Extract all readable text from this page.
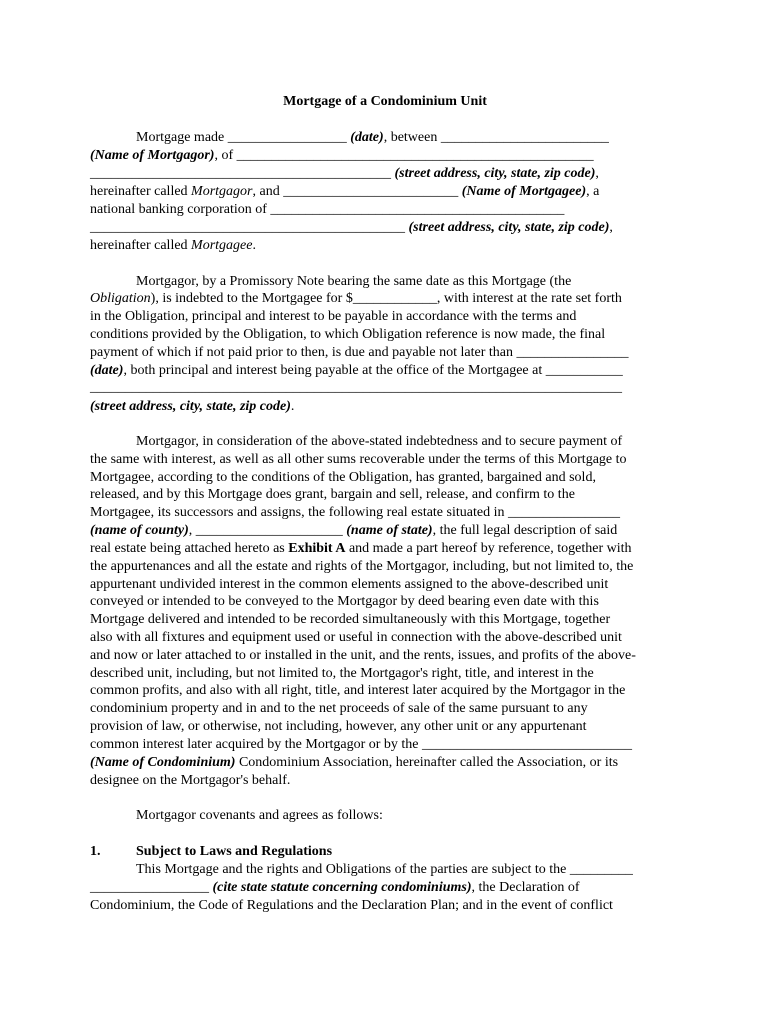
Mortgage of a Condominium Unit
Mortgage made _________________ (date), between ________________________
(Name of Mortgagor), of ___________________________________________________
___________________________________________ (street address, city, state, zip code),
hereinafter called Mortgagor, and _________________________ (Name of Mortgagee), a
national banking corporation of __________________________________________
_____________________________________________ (street address, city, state, zip code),
hereinafter called Mortgagee.
Mortgagor, by a Promissory Note bearing the same date as this Mortgage (the
Obligation), is indebted to the Mortgagee for $____________, with interest at the rate set forth
in the Obligation, principal and interest to be payable in accordance with the terms and
conditions provided by the Obligation, to which Obligation reference is now made, the final
payment of which if not paid prior to then, is due and payable not later than ________________
(date), both principal and interest being payable at the office of the Mortgagee at ___________
____________________________________________________________________________
(street address, city, state, zip code).
Mortgagor, in consideration of the above-stated indebtedness and to secure payment of
the same with interest, as well as all other sums recoverable under the terms of this Mortgage to
Mortgagee, according to the conditions of the Obligation, has granted, bargained and sold,
released, and by this Mortgage does grant, bargain and sell, release, and confirm to the
Mortgagee, its successors and assigns, the following real estate situated in ________________
(name of county), _____________________ (name of state), the full legal description of said
real estate being attached hereto as Exhibit A and made a part hereof by reference, together with
the appurtenances and all the estate and rights of the Mortgagor, including, but not limited to, the
appurtenant undivided interest in the common elements assigned to the above-described unit
conveyed or intended to be conveyed to the Mortgagor by deed bearing even date with this
Mortgage delivered and intended to be recorded simultaneously with this Mortgage, together
also with all fixtures and equipment used or useful in connection with the above-described unit
and now or later attached to or installed in the unit, and the rents, issues, and profits of the above-
described unit, including, but not limited to, the Mortgagor's right, title, and interest in the
common profits, and also with all right, title, and interest later acquired by the Mortgagor in the
condominium property and in and to the net proceeds of sale of the same pursuant to any
provision of law, or otherwise, not including, however, any other unit or any appurtenant
common interest later acquired by the Mortgagor or by the ______________________________
(Name of Condominium) Condominium Association, hereinafter called the Association, or its
designee on the Mortgagor's behalf.
Mortgagor covenants and agrees as follows:
1.	Subject to Laws and Regulations
This Mortgage and the rights and Obligations of the parties are subject to the _________
_________________ (cite state statute concerning condominiums), the Declaration of
Condominium, the Code of Regulations and the Declaration Plan; and in the event of conflict
